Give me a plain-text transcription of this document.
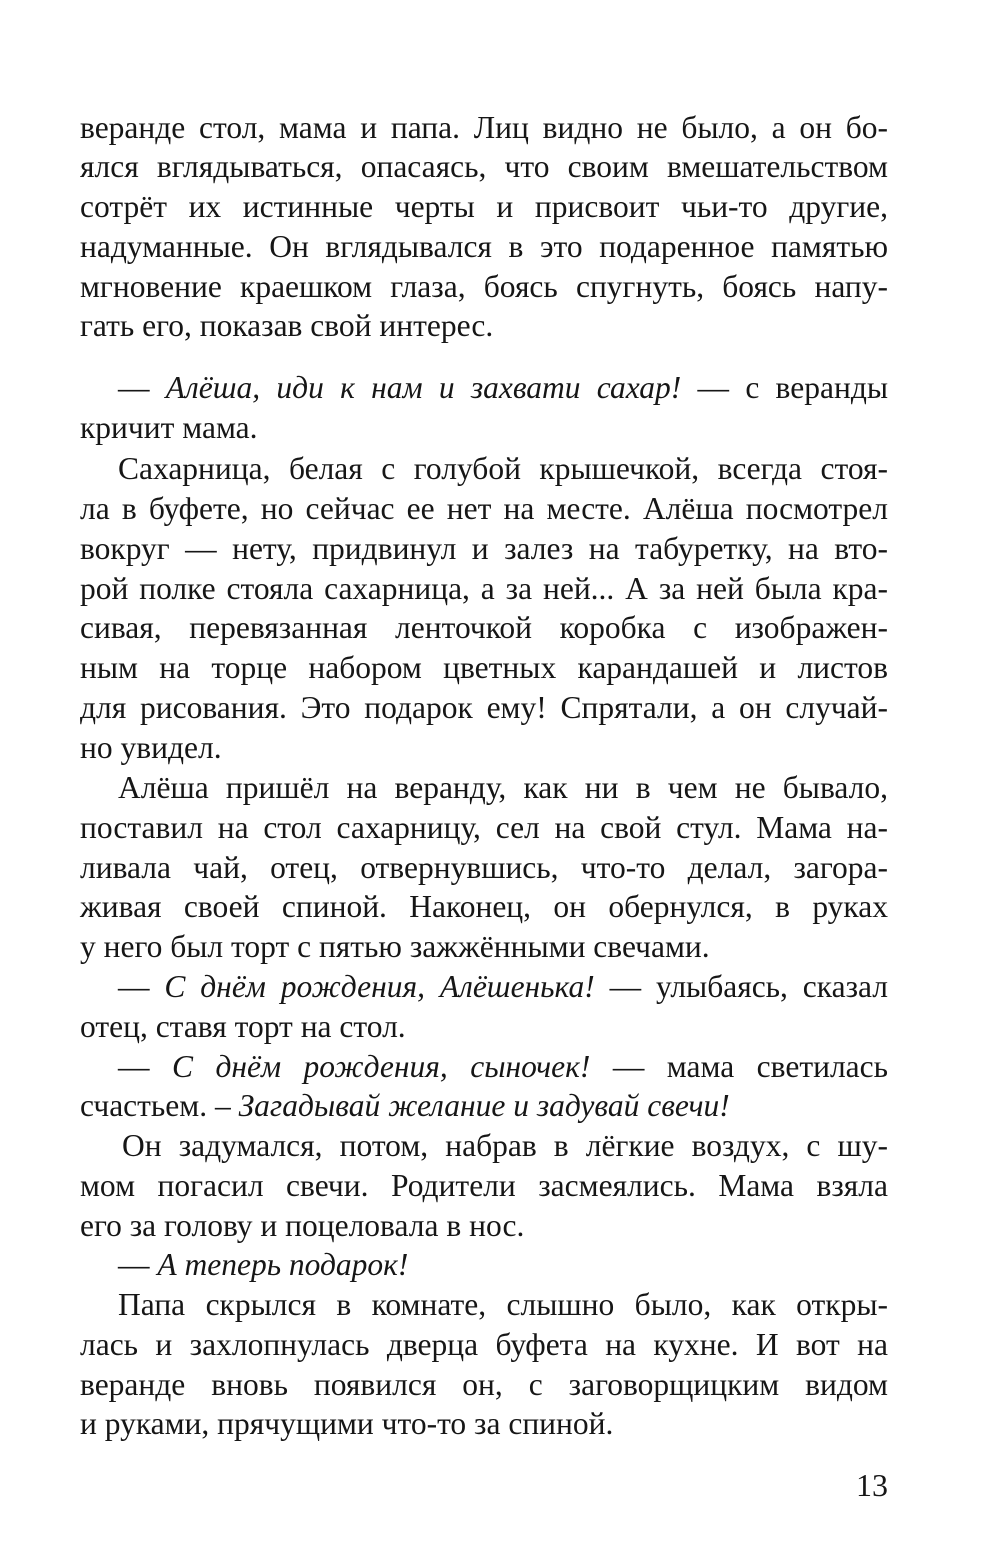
веранде стол, мама и папа. Лиц видно не было, а он бо-
ялся вглядываться, опасаясь, что своим вмешательством
сотрёт их истинные черты и присвоит чьи-то другие,
надуманные. Он вглядывался в это подаренное памятью
мгновение краешком глаза, боясь спугнуть, боясь напу-
гать его, показав свой интерес.
— Алёша, иди к нам и захвати сахар! — с веранды
кричит мама.
Сахарница, белая с голубой крышечкой, всегда стоя-
ла в буфете, но сейчас ее нет на месте. Алёша посмотрел
вокруг — нету, придвинул и залез на табуретку, на вто-
рой полке стояла сахарница, а за ней... А за ней была кра-
сивая, перевязанная ленточкой коробка с изображен-
ным на торце набором цветных карандашей и листов
для рисования. Это подарок ему! Спрятали, а он случай-
но увидел.
Алёша пришёл на веранду, как ни в чем не бывало,
поставил на стол сахарницу, сел на свой стул. Мама на-
ливала чай, отец, отвернувшись, что-то делал, загора-
живая своей спиной. Наконец, он обернулся, в руках
у него был торт с пятью зажжёнными свечами.
— С днём рождения, Алёшенька! — улыбаясь, сказал
отец, ставя торт на стол.
— С днём рождения, сыночек! — мама светилась
счастьем. – Загадывай желание и задувай свечи!
Он задумался, потом, набрав в лёгкие воздух, с шу-
мом погасил свечи. Родители засмеялись. Мама взяла
его за голову и поцеловала в нос.
— А теперь подарок!
Папа скрылся в комнате, слышно было, как откры-
лась и захлопнулась дверца буфета на кухне. И вот на
веранде вновь появился он, с заговорщицким видом
и руками, прячущими что-то за спиной.
13
